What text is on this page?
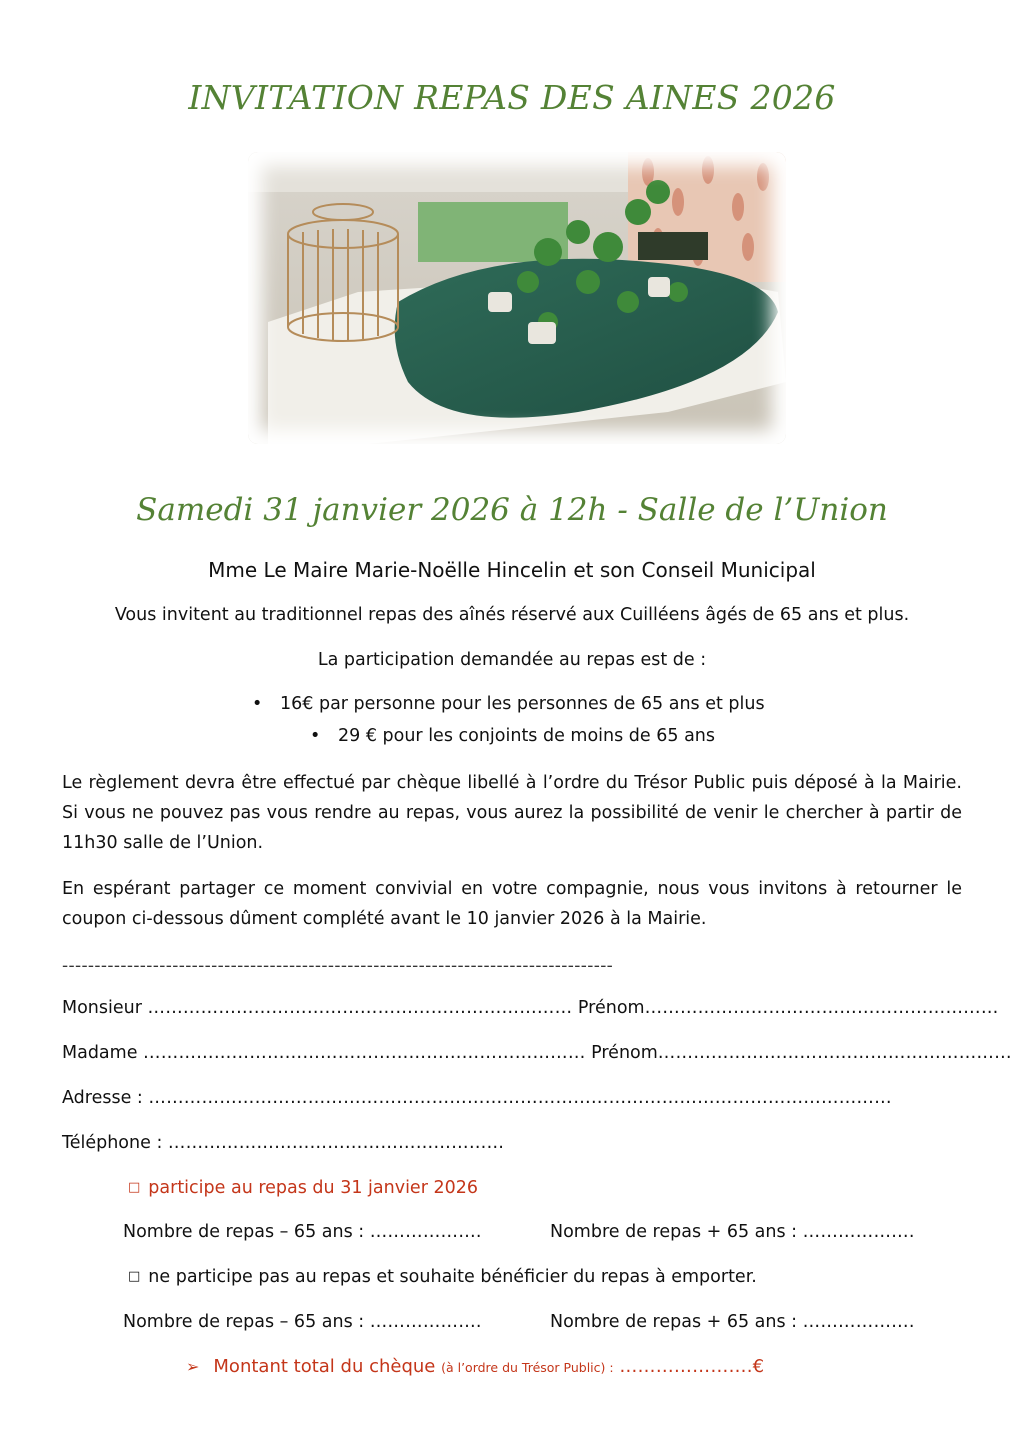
INVITATION REPAS DES AINES 2026
Samedi 31 janvier 2026 à 12h - Salle de l’Union
Mme Le Maire Marie-Noëlle Hincelin et son Conseil Municipal
Vous invitent au traditionnel repas des aînés réservé aux Cuilléens âgés de 65 ans et plus.
La participation demandée au repas est de :
• 16€ par personne pour les personnes de 65 ans et plus
• 29 € pour les conjoints de moins de 65 ans
Le règlement devra être effectué par chèque libellé à l’ordre du Trésor Public puis déposé à la Mairie. Si vous ne pouvez pas vous rendre au repas, vous aurez la possibilité de venir le chercher à partir de 11h30 salle de l’Union.
En espérant partager ce moment convivial en votre compagnie, nous vous invitons à retourner le coupon ci-dessous dûment complété avant le 10 janvier 2026 à la Mairie.
-------------------------------------------------------------------------------------
Monsieur ……………………………………………………………… Prénom……………………………………………………
Madame ………………………………………………………………… Prénom……………………………………………………
Adresse : ………………………………………………………………………………………………………………
Téléphone : …………………………………………………
□ participe au repas du 31 janvier 2026
Nombre de repas – 65 ans : ……………….	Nombre de repas + 65 ans : ……………….
□ ne participe pas au repas et souhaite bénéficier du repas à emporter.
Nombre de repas – 65 ans : ……………….	Nombre de repas + 65 ans : ……………….
➢ Montant total du chèque (à l’ordre du Trésor Public) : ………………….€
